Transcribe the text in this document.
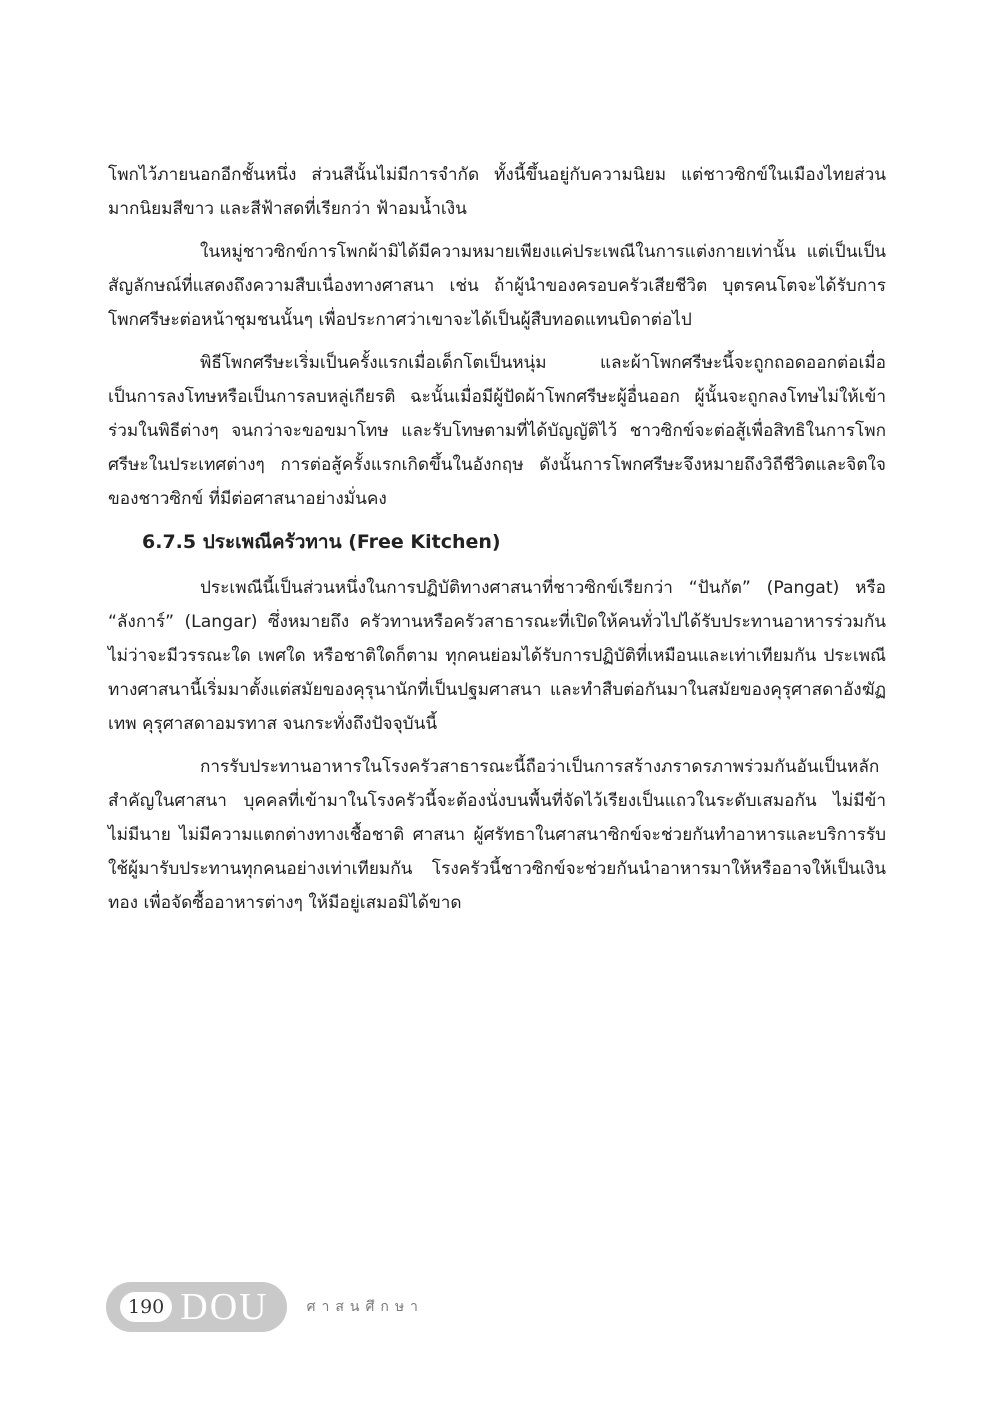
โพกไว้ภายนอกอีกชั้นหนึ่ง ส่วนสีนั้นไม่มีการจำกัด ทั้งนี้ขึ้นอยู่กับความนิยม แต่ชาวซิกข์ในเมืองไทยส่วนมากนิยมสีขาว และสีฟ้าสดที่เรียกว่า ฟ้าอมน้ำเงิน

ในหมู่ชาวซิกข์การโพกผ้ามิได้มีความหมายเพียงแค่ประเพณีในการแต่งกายเท่านั้น แต่เป็นเป็นสัญลักษณ์ที่แสดงถึงความสืบเนื่องทางศาสนา เช่น ถ้าผู้นำของครอบครัวเสียชีวิต บุตรคนโตจะได้รับการโพกศรีษะต่อหน้าชุมชนนั้นๆ เพื่อประกาศว่าเขาจะได้เป็นผู้สืบทอดแทนบิดาต่อไป

พิธีโพกศรีษะเริ่มเป็นครั้งแรกเมื่อเด็กโตเป็นหนุ่ม และผ้าโพกศรีษะนี้จะถูกถอดออกต่อเมื่อเป็นการลงโทษหรือเป็นการลบหลู่เกียรติ ฉะนั้นเมื่อมีผู้ปัดผ้าโพกศรีษะผู้อื่นออก ผู้นั้นจะถูกลงโทษไม่ให้เข้าร่วมในพิธีต่างๆ จนกว่าจะขอขมาโทษ และรับโทษตามที่ได้บัญญัติไว้ ชาวซิกข์จะต่อสู้เพื่อสิทธิในการโพกศรีษะในประเทศต่างๆ การต่อสู้ครั้งแรกเกิดขึ้นในอังกฤษ ดังนั้นการโพกศรีษะจึงหมายถึงวิถีชีวิตและจิตใจของชาวซิกข์ ที่มีต่อศาสนาอย่างมั่นคง

6.7.5 ประเพณีครัวทาน (Free Kitchen)

ประเพณีนี้เป็นส่วนหนึ่งในการปฏิบัติทางศาสนาที่ชาวซิกข์เรียกว่า “ปันกัต” (Pangat) หรือ “ลังการ์” (Langar) ซึ่งหมายถึง ครัวทานหรือครัวสาธารณะที่เปิดให้คนทั่วไปได้รับประทานอาหารร่วมกันไม่ว่าจะมีวรรณะใด เพศใด หรือชาติใดก็ตาม ทุกคนย่อมได้รับการปฏิบัติที่เหมือนและเท่าเทียมกัน ประเพณีทางศาสนานี้เริ่มมาตั้งแต่สมัยของคุรุนานักที่เป็นปฐมศาสนา และทำสืบต่อกันมาในสมัยของคุรุศาสดาอังฆัฏเทพ คุรุศาสดาอมรทาส จนกระทั่งถึงปัจจุบันนี้

การรับประทานอาหารในโรงครัวสาธารณะนี้ถือว่าเป็นการสร้างภราดรภาพร่วมกันอันเป็นหลักสำคัญในศาสนา บุคคลที่เข้ามาในโรงครัวนี้จะต้องนั่งบนพื้นที่จัดไว้เรียงเป็นแถวในระดับเสมอกัน ไม่มีข้า ไม่มีนาย ไม่มีความแตกต่างทางเชื้อชาติ ศาสนา ผู้ศรัทธาในศาสนาซิกข์จะช่วยกันทำอาหารและบริการรับใช้ผู้มารับประทานทุกคนอย่างเท่าเทียมกัน โรงครัวนี้ชาวซิกข์จะช่วยกันนำอาหารมาให้หรืออาจให้เป็นเงินทอง เพื่อจัดซื้ออาหารต่างๆ ให้มีอยู่เสมอมิได้ขาด

190 DOU	ศาสนศึกษา
